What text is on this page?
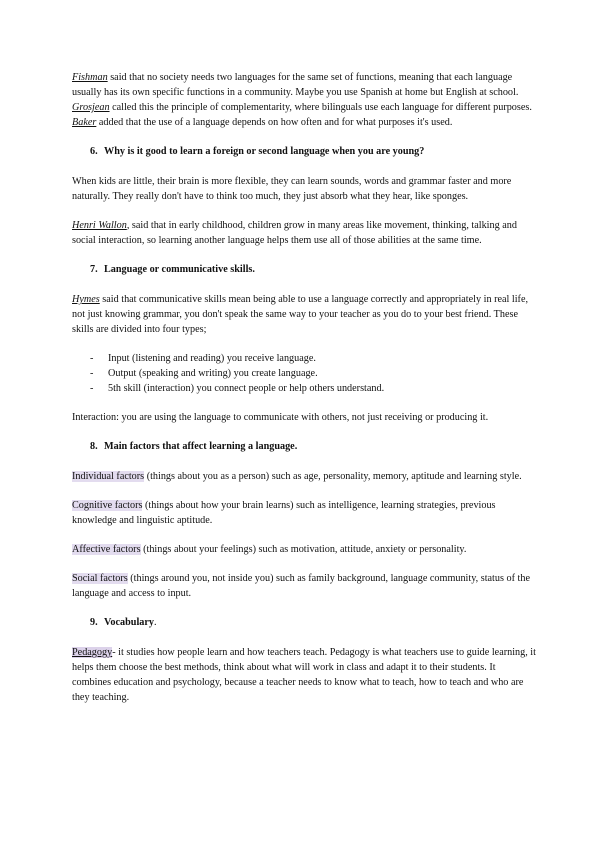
Fishman said that no society needs two languages for the same set of functions, meaning that each language usually has its own specific functions in a community. Maybe you use Spanish at home but English at school.

Grosjean called this the principle of complementarity, where bilinguals use each language for different purposes.

Baker added that the use of a language depends on how often and for what purposes it's used.

6. Why is it good to learn a foreign or second language when you are young?

When kids are little, their brain is more flexible, they can learn sounds, words and grammar faster and more naturally. They really don't have to think too much, they just absorb what they hear, like sponges.

Henri Wallon, said that in early childhood, children grow in many areas like movement, thinking, talking and social interaction, so learning another language helps them use all of those abilities at the same time.

7. Language or communicative skills.

Hymes said that communicative skills mean being able to use a language correctly and appropriately in real life, not just knowing grammar, you don't speak the same way to your teacher as you do to your best friend. These skills are divided into four types;

-	Input (listening and reading) you receive language.
-	Output (speaking and writing) you create language.
-	5th skill (interaction) you connect people or help others understand.

Interaction: you are using the language to communicate with others, not just receiving or producing it.

8. Main factors that affect learning a language.

Individual factors (things about you as a person) such as age, personality, memory, aptitude and learning style.

Cognitive factors (things about how your brain learns) such as intelligence, learning strategies, previous knowledge and linguistic aptitude.

Affective factors (things about your feelings) such as motivation, attitude, anxiety or personality.

Social factors (things around you, not inside you) such as family background, language community, status of the language and access to input.

9. Vocabulary.

Pedagogy- it studies how people learn and how teachers teach. Pedagogy is what teachers use to guide learning, it helps them choose the best methods, think about what will work in class and adapt it to their students. It combines education and psychology, because a teacher needs to know what to teach, how to teach and who are they teaching.
